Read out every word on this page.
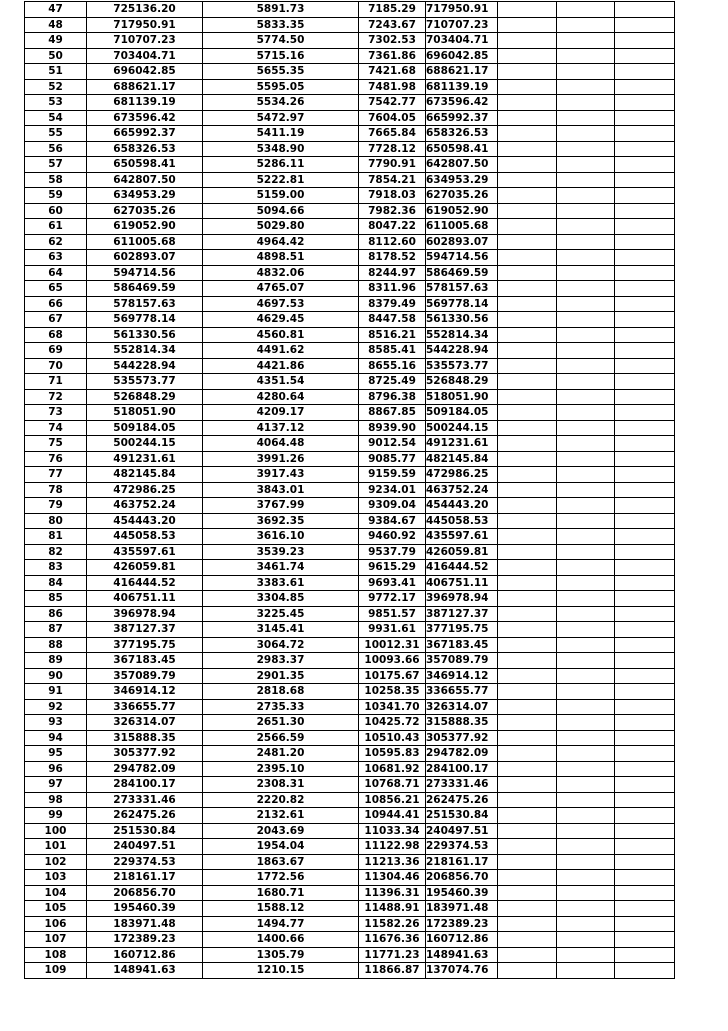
47	725136.20	5891.73	7185.29	717950.91			
48	717950.91	5833.35	7243.67	710707.23			
49	710707.23	5774.50	7302.53	703404.71			
50	703404.71	5715.16	7361.86	696042.85			
51	696042.85	5655.35	7421.68	688621.17			
52	688621.17	5595.05	7481.98	681139.19			
53	681139.19	5534.26	7542.77	673596.42			
54	673596.42	5472.97	7604.05	665992.37			
55	665992.37	5411.19	7665.84	658326.53			
56	658326.53	5348.90	7728.12	650598.41			
57	650598.41	5286.11	7790.91	642807.50			
58	642807.50	5222.81	7854.21	634953.29			
59	634953.29	5159.00	7918.03	627035.26			
60	627035.26	5094.66	7982.36	619052.90			
61	619052.90	5029.80	8047.22	611005.68			
62	611005.68	4964.42	8112.60	602893.07			
63	602893.07	4898.51	8178.52	594714.56			
64	594714.56	4832.06	8244.97	586469.59			
65	586469.59	4765.07	8311.96	578157.63			
66	578157.63	4697.53	8379.49	569778.14			
67	569778.14	4629.45	8447.58	561330.56			
68	561330.56	4560.81	8516.21	552814.34			
69	552814.34	4491.62	8585.41	544228.94			
70	544228.94	4421.86	8655.16	535573.77			
71	535573.77	4351.54	8725.49	526848.29			
72	526848.29	4280.64	8796.38	518051.90			
73	518051.90	4209.17	8867.85	509184.05			
74	509184.05	4137.12	8939.90	500244.15			
75	500244.15	4064.48	9012.54	491231.61			
76	491231.61	3991.26	9085.77	482145.84			
77	482145.84	3917.43	9159.59	472986.25			
78	472986.25	3843.01	9234.01	463752.24			
79	463752.24	3767.99	9309.04	454443.20			
80	454443.20	3692.35	9384.67	445058.53			
81	445058.53	3616.10	9460.92	435597.61			
82	435597.61	3539.23	9537.79	426059.81			
83	426059.81	3461.74	9615.29	416444.52			
84	416444.52	3383.61	9693.41	406751.11			
85	406751.11	3304.85	9772.17	396978.94			
86	396978.94	3225.45	9851.57	387127.37			
87	387127.37	3145.41	9931.61	377195.75			
88	377195.75	3064.72	10012.31	367183.45			
89	367183.45	2983.37	10093.66	357089.79			
90	357089.79	2901.35	10175.67	346914.12			
91	346914.12	2818.68	10258.35	336655.77			
92	336655.77	2735.33	10341.70	326314.07			
93	326314.07	2651.30	10425.72	315888.35			
94	315888.35	2566.59	10510.43	305377.92			
95	305377.92	2481.20	10595.83	294782.09			
96	294782.09	2395.10	10681.92	284100.17			
97	284100.17	2308.31	10768.71	273331.46			
98	273331.46	2220.82	10856.21	262475.26			
99	262475.26	2132.61	10944.41	251530.84			
100	251530.84	2043.69	11033.34	240497.51			
101	240497.51	1954.04	11122.98	229374.53			
102	229374.53	1863.67	11213.36	218161.17			
103	218161.17	1772.56	11304.46	206856.70			
104	206856.70	1680.71	11396.31	195460.39			
105	195460.39	1588.12	11488.91	183971.48			
106	183971.48	1494.77	11582.26	172389.23			
107	172389.23	1400.66	11676.36	160712.86			
108	160712.86	1305.79	11771.23	148941.63			
109	148941.63	1210.15	11866.87	137074.76			
